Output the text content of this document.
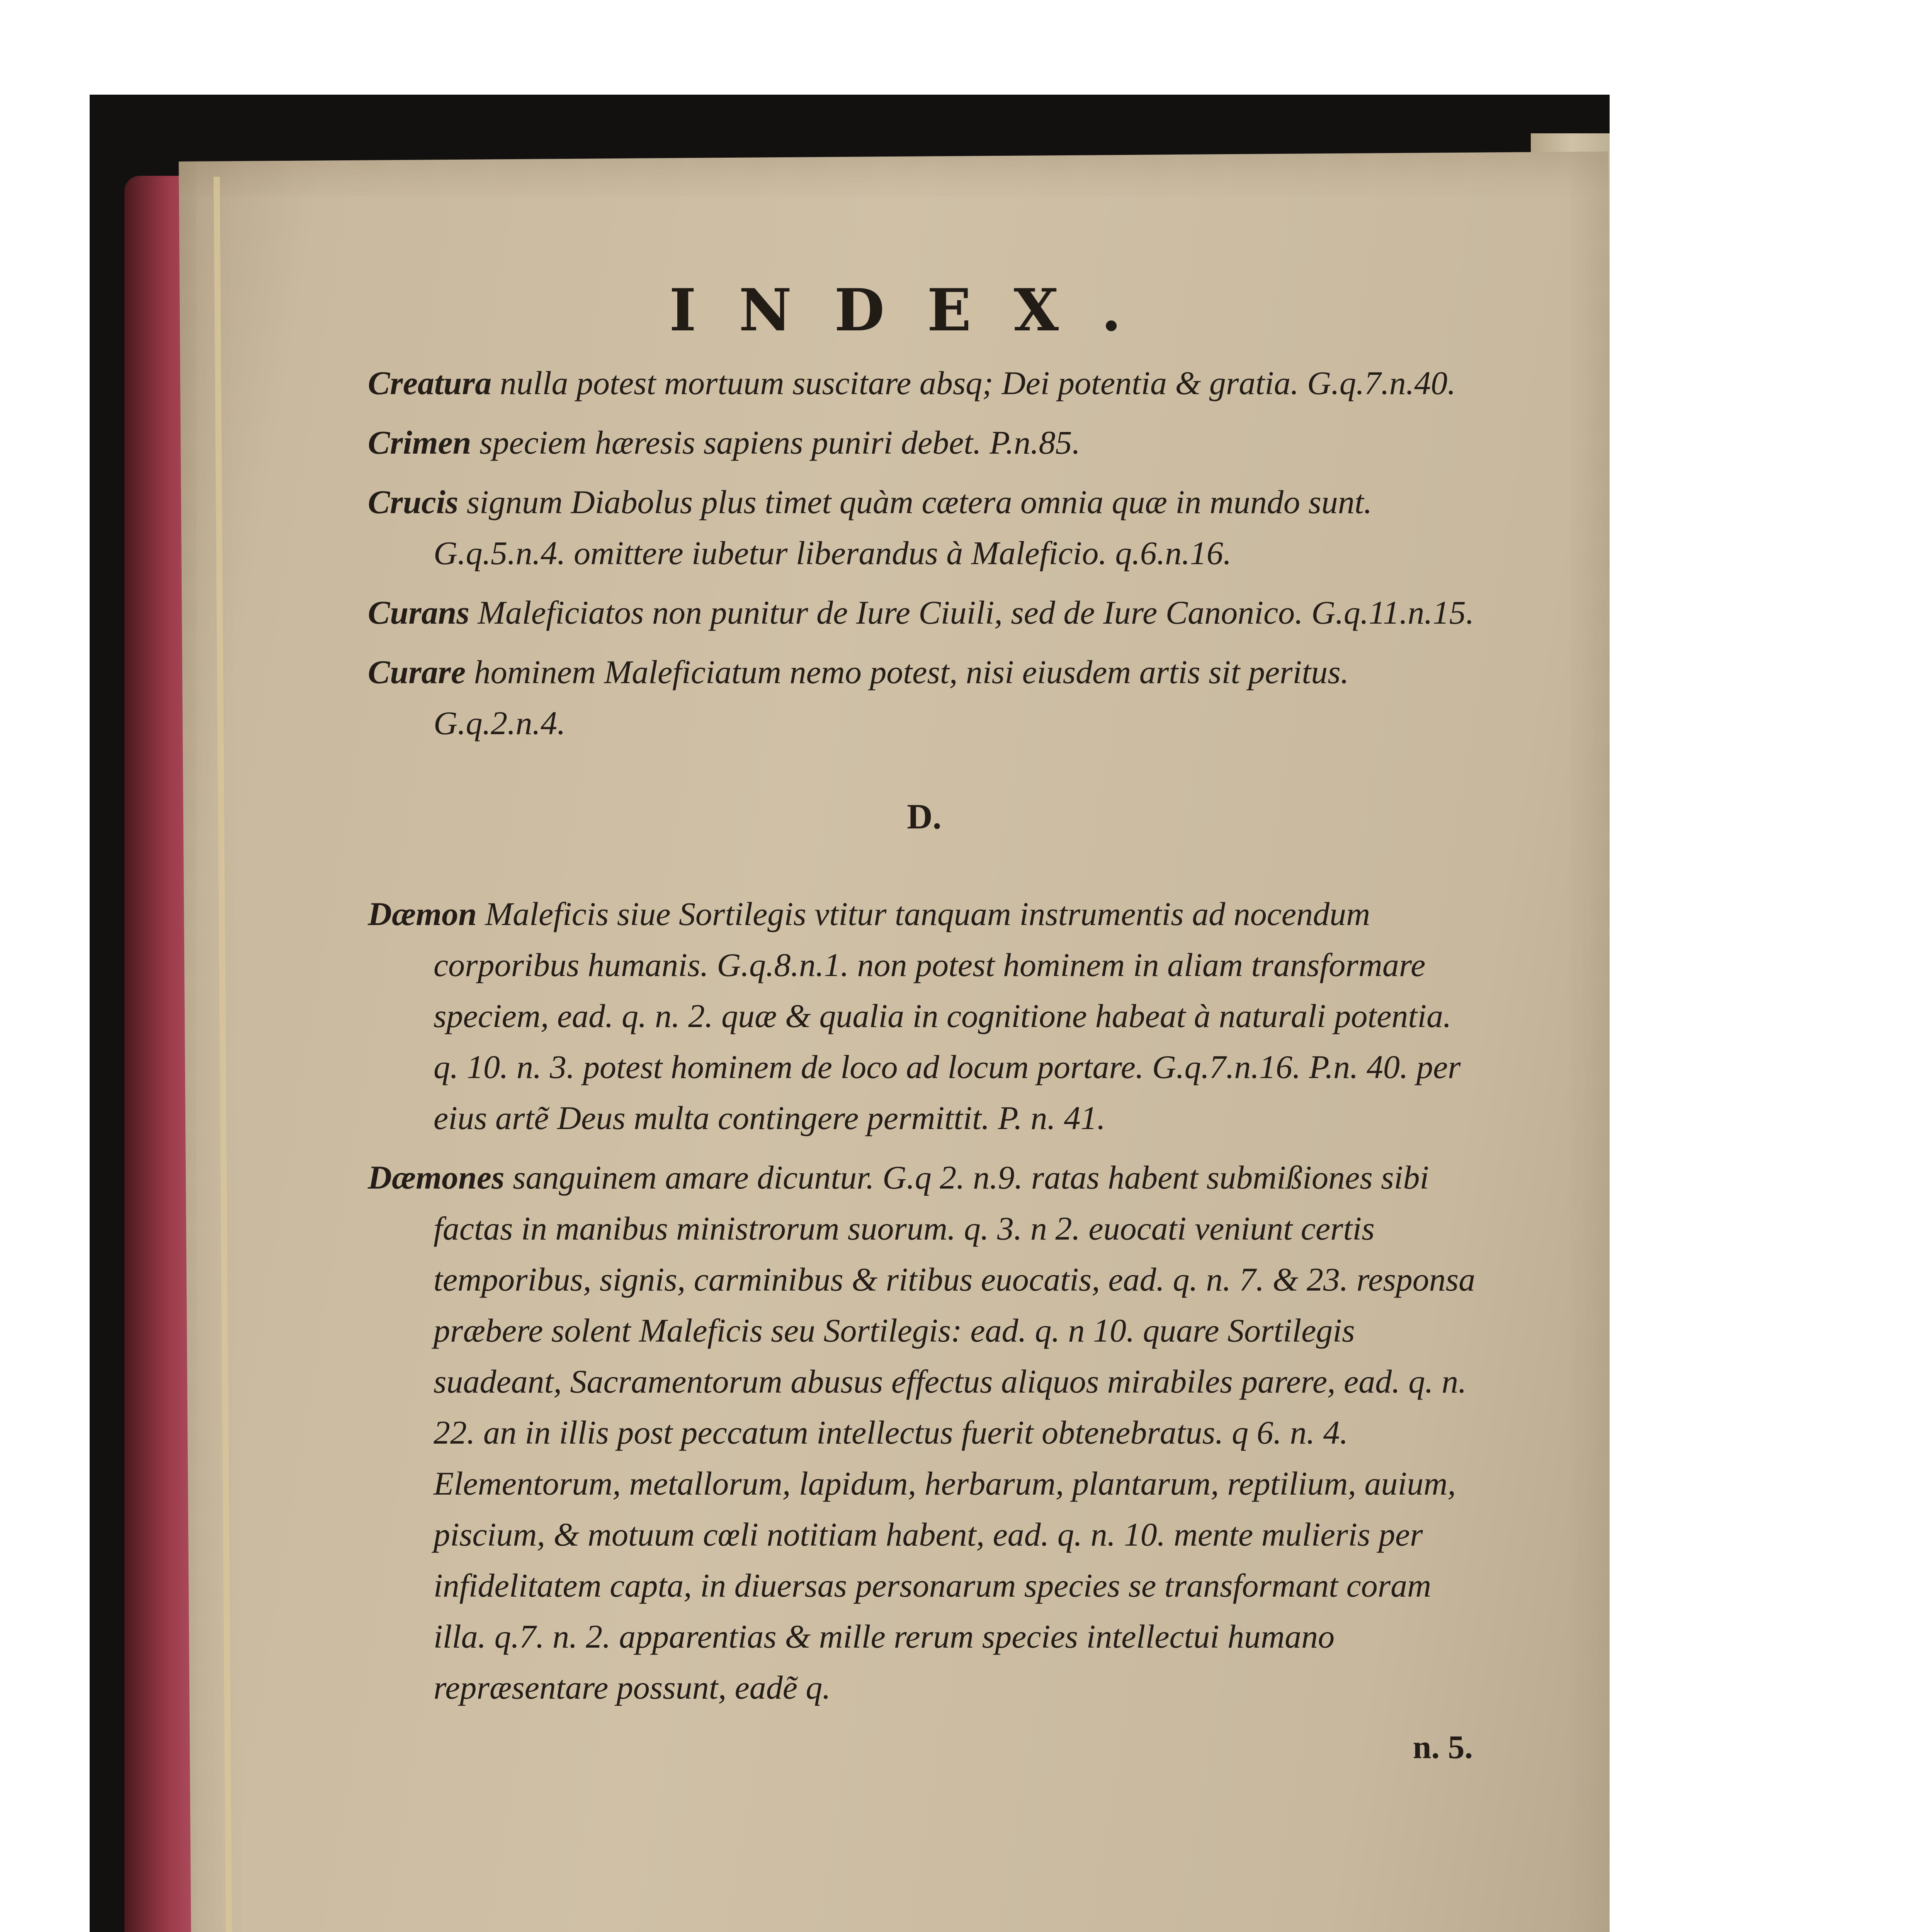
INDEX.

Creatura nulla potest mortuum suscitare absq; Dei potentia & gratia. G.q.7.n.40.

Crimen speciem hæresis sapiens puniri debet. P.n.85.

Crucis signum Diabolus plus timet quàm cætera omnia quæ in mundo sunt. G.q.5.n.4. omittere iubetur liberandus à Maleficio. q.6.n.16.

Curans Maleficiatos non punitur de Iure Ciuili, sed de Iure Canonico. G.q.11.n.15.

Curare hominem Maleficiatum nemo potest, nisi eiusdem artis sit peritus. G.q.2.n.4.

D.

Dæmon Maleficis siue Sortilegis vtitur tanquam instrumentis ad nocendum corporibus humanis. G.q.8.n.1. non potest hominem in aliam transformare speciem, ead. q. n. 2. quæ & qualia in cognitione habeat à naturali potentia. q. 10. n. 3. potest hominem de loco ad locum portare. G.q.7.n.16. P.n. 40. per eius artẽ Deus multa contingere permittit. P. n. 41.

Dæmones sanguinem amare dicuntur. G.q 2. n.9. ratas habent submißiones sibi factas in manibus ministrorum suorum. q. 3. n 2. euocati veniunt certis temporibus, signis, carminibus & ritibus euocatis, ead. q. n. 7. & 23. responsa præbere solent Maleficis seu Sortilegis: ead. q. n 10. quare Sortilegis suadeant, Sacramentorum abusus effectus aliquos mirabiles parere, ead. q. n. 22. an in illis post peccatum intellectus fuerit obtenebratus. q 6. n. 4. Elementorum, metallorum, lapidum, herbarum, plantarum, reptilium, auium, piscium, & motuum cœli notitiam habent, ead. q. n. 10. mente mulieris per infidelitatem capta, in diuersas personarum species se transformant coram illa. q.7. n. 2. apparentias & mille rerum species intellectui humano repræsentare possunt, eadẽ q.

n. 5.
